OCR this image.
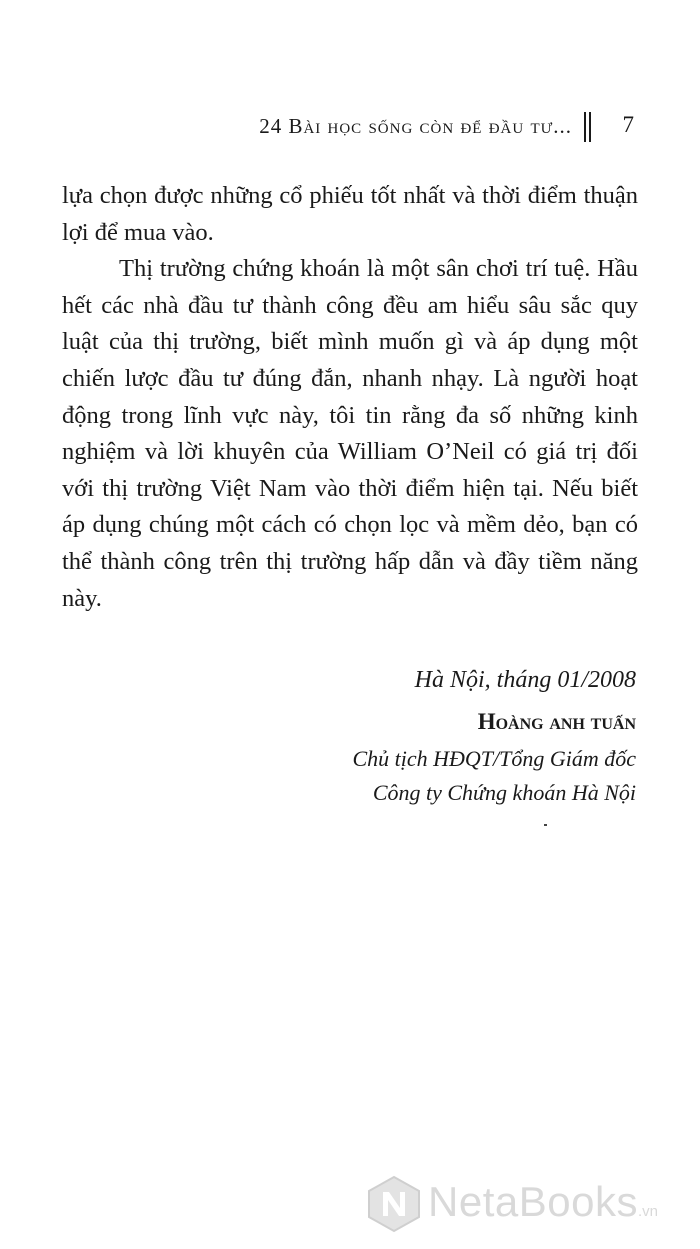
24 Bài học sống còn để đầu tư... 7

lựa chọn được những cổ phiếu tốt nhất và thời điểm thuận lợi để mua vào.

Thị trường chứng khoán là một sân chơi trí tuệ. Hầu hết các nhà đầu tư thành công đều am hiểu sâu sắc quy luật của thị trường, biết mình muốn gì và áp dụng một chiến lược đầu tư đúng đắn, nhanh nhạy. Là người hoạt động trong lĩnh vực này, tôi tin rằng đa số những kinh nghiệm và lời khuyên của William O’Neil có giá trị đối với thị trường Việt Nam vào thời điểm hiện tại. Nếu biết áp dụng chúng một cách có chọn lọc và mềm dẻo, bạn có thể thành công trên thị trường hấp dẫn và đầy tiềm năng này.

Hà Nội, tháng 01/2008
Hoàng anh tuấn
Chủ tịch HĐQT/Tổng Giám đốc
Công ty Chứng khoán Hà Nội
NetaBooks.vn
